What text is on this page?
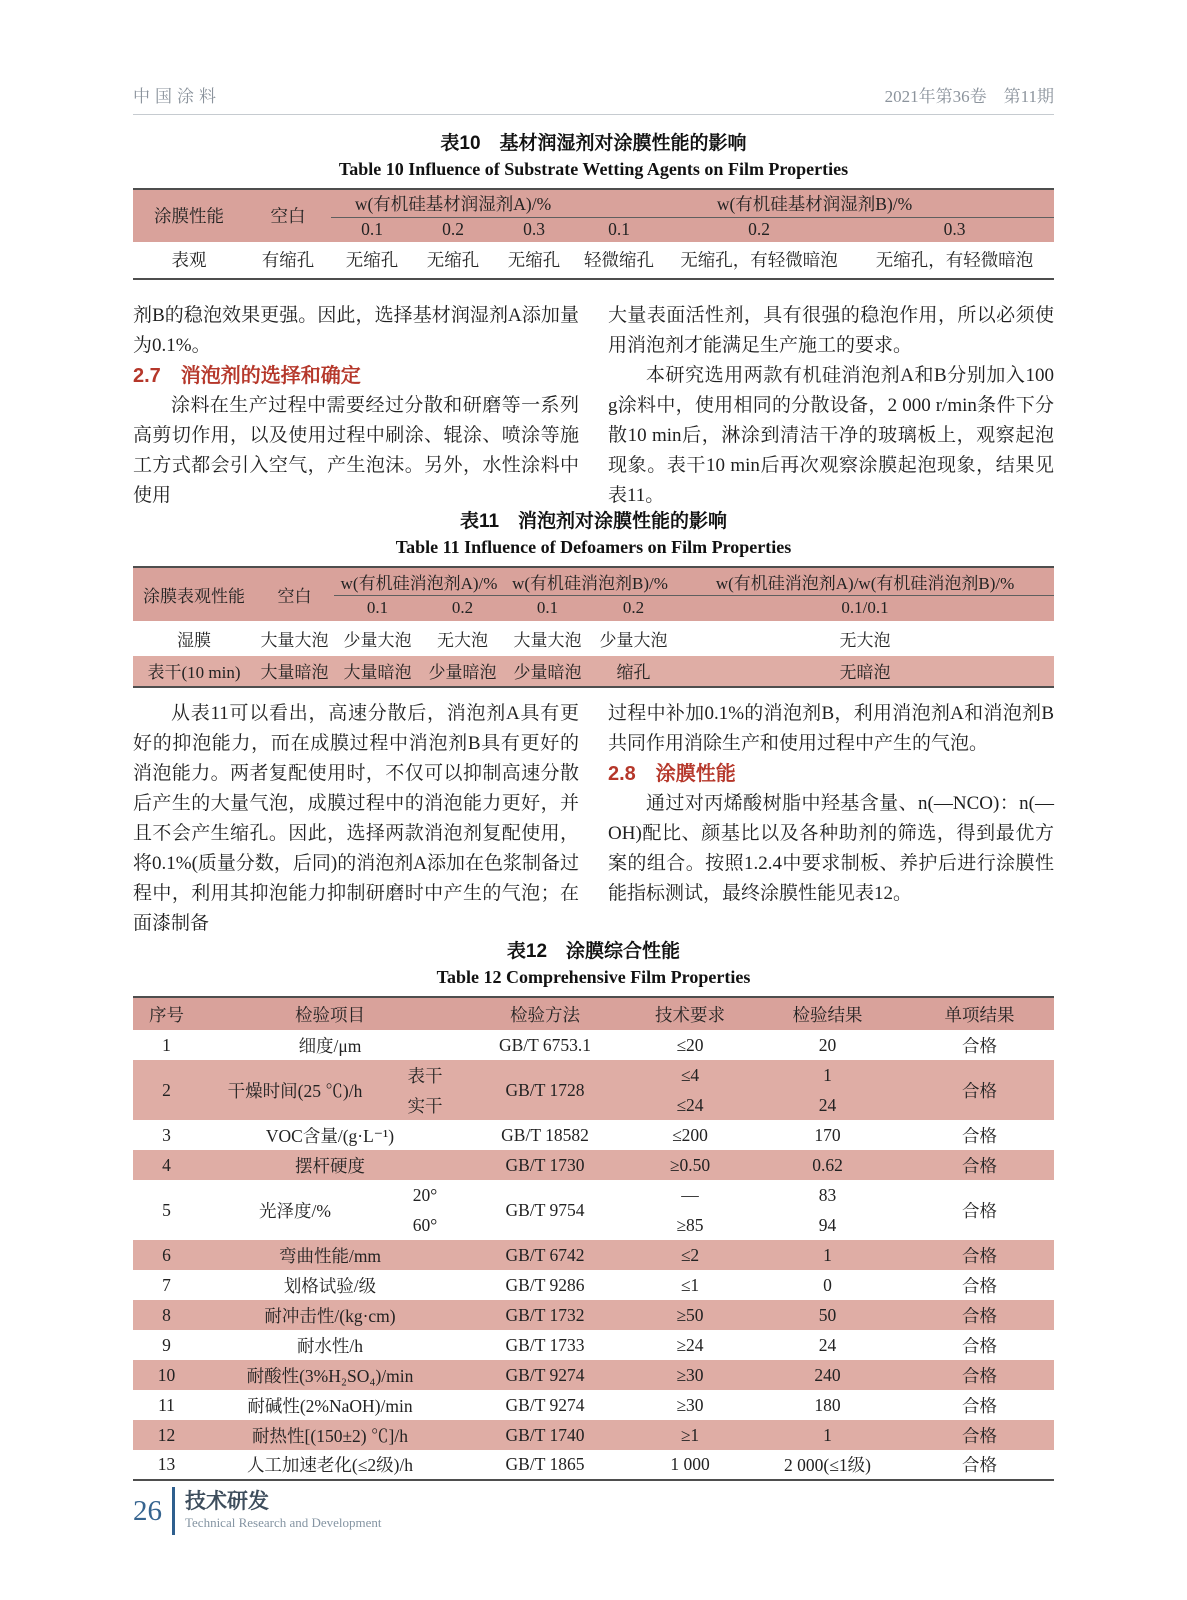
中国涂料	2021年第36卷　第11期
表10　基材润湿剂对涂膜性能的影响
Table 10 Influence of Substrate Wetting Agents on Film Properties
涂膜性能	空白	w(有机硅基材润湿剂A)/%			w(有机硅基材润湿剂B)/%		
		0.1	0.2	0.3	0.1	0.2	0.3
表观	有缩孔	无缩孔	无缩孔	无缩孔	轻微缩孔	无缩孔，有轻微暗泡	无缩孔，有轻微暗泡

剂B的稳泡效果更强。因此，选择基材润湿剂A添加量为0.1%。

2.7　消泡剂的选择和确定

涂料在生产过程中需要经过分散和研磨等一系列高剪切作用，以及使用过程中刷涂、辊涂、喷涂等施工方式都会引入空气，产生泡沫。另外，水性涂料中使用

大量表面活性剂，具有很强的稳泡作用，所以必须使用消泡剂才能满足生产施工的要求。

本研究选用两款有机硅消泡剂A和B分别加入100 g涂料中，使用相同的分散设备，2 000 r/min条件下分散10 min后，淋涂到清洁干净的玻璃板上，观察起泡现象。表干10 min后再次观察涂膜起泡现象，结果见表11。

表11　消泡剂对涂膜性能的影响
Table 11 Influence of Defoamers on Film Properties
涂膜表观性能	空白	w(有机硅消泡剂A)/%		w(有机硅消泡剂B)/%		w(有机硅消泡剂A)/w(有机硅消泡剂B)/%
		0.1	0.2	0.1	0.2	0.1/0.1
湿膜	大量大泡	少量大泡	无大泡	大量大泡	少量大泡	无大泡
表干(10 min)	大量暗泡	大量暗泡	少量暗泡	少量暗泡	缩孔	无暗泡

从表11可以看出，高速分散后，消泡剂A具有更好的抑泡能力，而在成膜过程中消泡剂B具有更好的消泡能力。两者复配使用时，不仅可以抑制高速分散后产生的大量气泡，成膜过程中的消泡能力更好，并且不会产生缩孔。因此，选择两款消泡剂复配使用，将0.1%(质量分数，后同)的消泡剂A添加在色浆制备过程中，利用其抑泡能力抑制研磨时中产生的气泡；在面漆制备

过程中补加0.1%的消泡剂B，利用消泡剂A和消泡剂B共同作用消除生产和使用过程中产生的气泡。

2.8　涂膜性能

通过对丙烯酸树脂中羟基含量、n(—NCO)：n(—OH)配比、颜基比以及各种助剂的筛选，得到最优方案的组合。按照1.2.4中要求制板、养护后进行涂膜性能指标测试，最终涂膜性能见表12。

表12　涂膜综合性能
Table 12 Comprehensive Film Properties
序号	检验项目		检验方法	技术要求	检验结果	单项结果
1	细度/μm		GB/T 6753.1	≤20	20	合格
2	干燥时间(25 ℃)/h	表干	GB/T 1728	≤4	1	合格
		实干		≤24	24	
3	VOC含量/(g·L⁻¹)		GB/T 18582	≤200	170	合格
4	摆杆硬度		GB/T 1730	≥0.50	0.62	合格
5	光泽度/%	20°	GB/T 9754	—	83	合格
		60°		≥85	94	
6	弯曲性能/mm		GB/T 6742	≤2	1	合格
7	划格试验/级		GB/T 9286	≤1	0	合格
8	耐冲击性/(kg·cm)		GB/T 1732	≥50	50	合格
9	耐水性/h		GB/T 1733	≥24	24	合格
10	耐酸性(3%H₂SO₄)/min		GB/T 9274	≥30	240	合格
11	耐碱性(2%NaOH)/min		GB/T 9274	≥30	180	合格
12	耐热性[(150±2) ℃]/h		GB/T 1740	≥1	1	合格
13	人工加速老化(≤2级)/h		GB/T 1865	1 000	2 000(≤1级)	合格
26 技术研发
Technical Research and Development
